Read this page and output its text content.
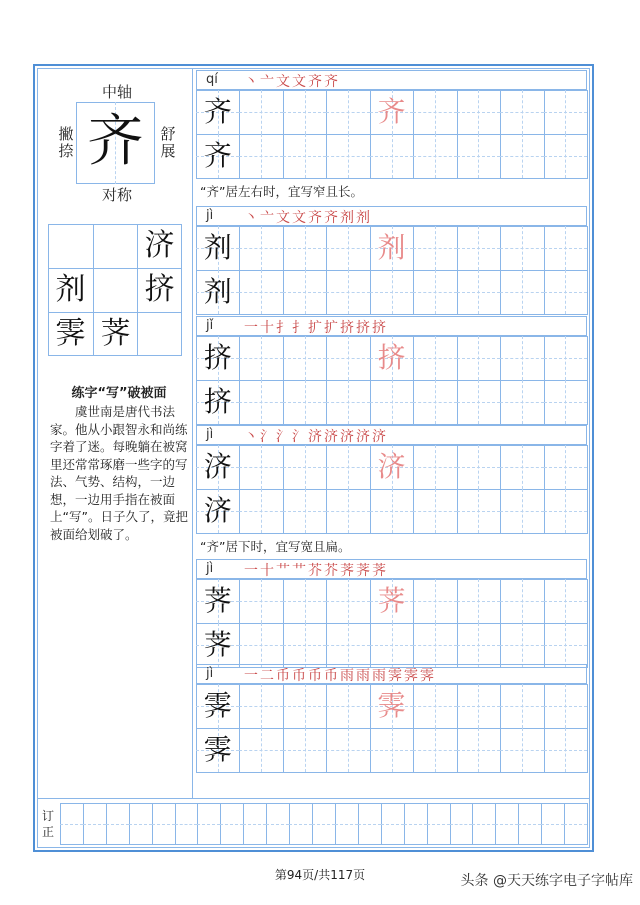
中轴
撇捺
舒展
对称
齐
济
剂 挤
霁 荠
练字“写”破被面
虞世南是唐代书法家。他从小跟智永和尚练字着了迷。每晚躺在被窝里还常常琢磨一些字的写法、气势、结构，一边想，一边用手指在被面上“写”。日子久了，竟把被面给划破了。
qí 丶亠文文齐齐
齐
齐
齐
“齐”居左右时，宜写窄且长。
jì 丶亠文文齐齐剂剂
剂
剂
剂
jǐ 一十扌扌扩扩挤挤挤
挤
挤
挤
jì 丶氵氵氵济济济济济
济
济
济
“齐”居下时，宜写宽且扁。
jì 一十艹艹芥芥荠荠荠
荠
荠
荠
jì 一二币币币币雨雨雨霁霁霁
霁
霁
霁
订正
第94页/共117页	头条 @天天练字电子字帖库
